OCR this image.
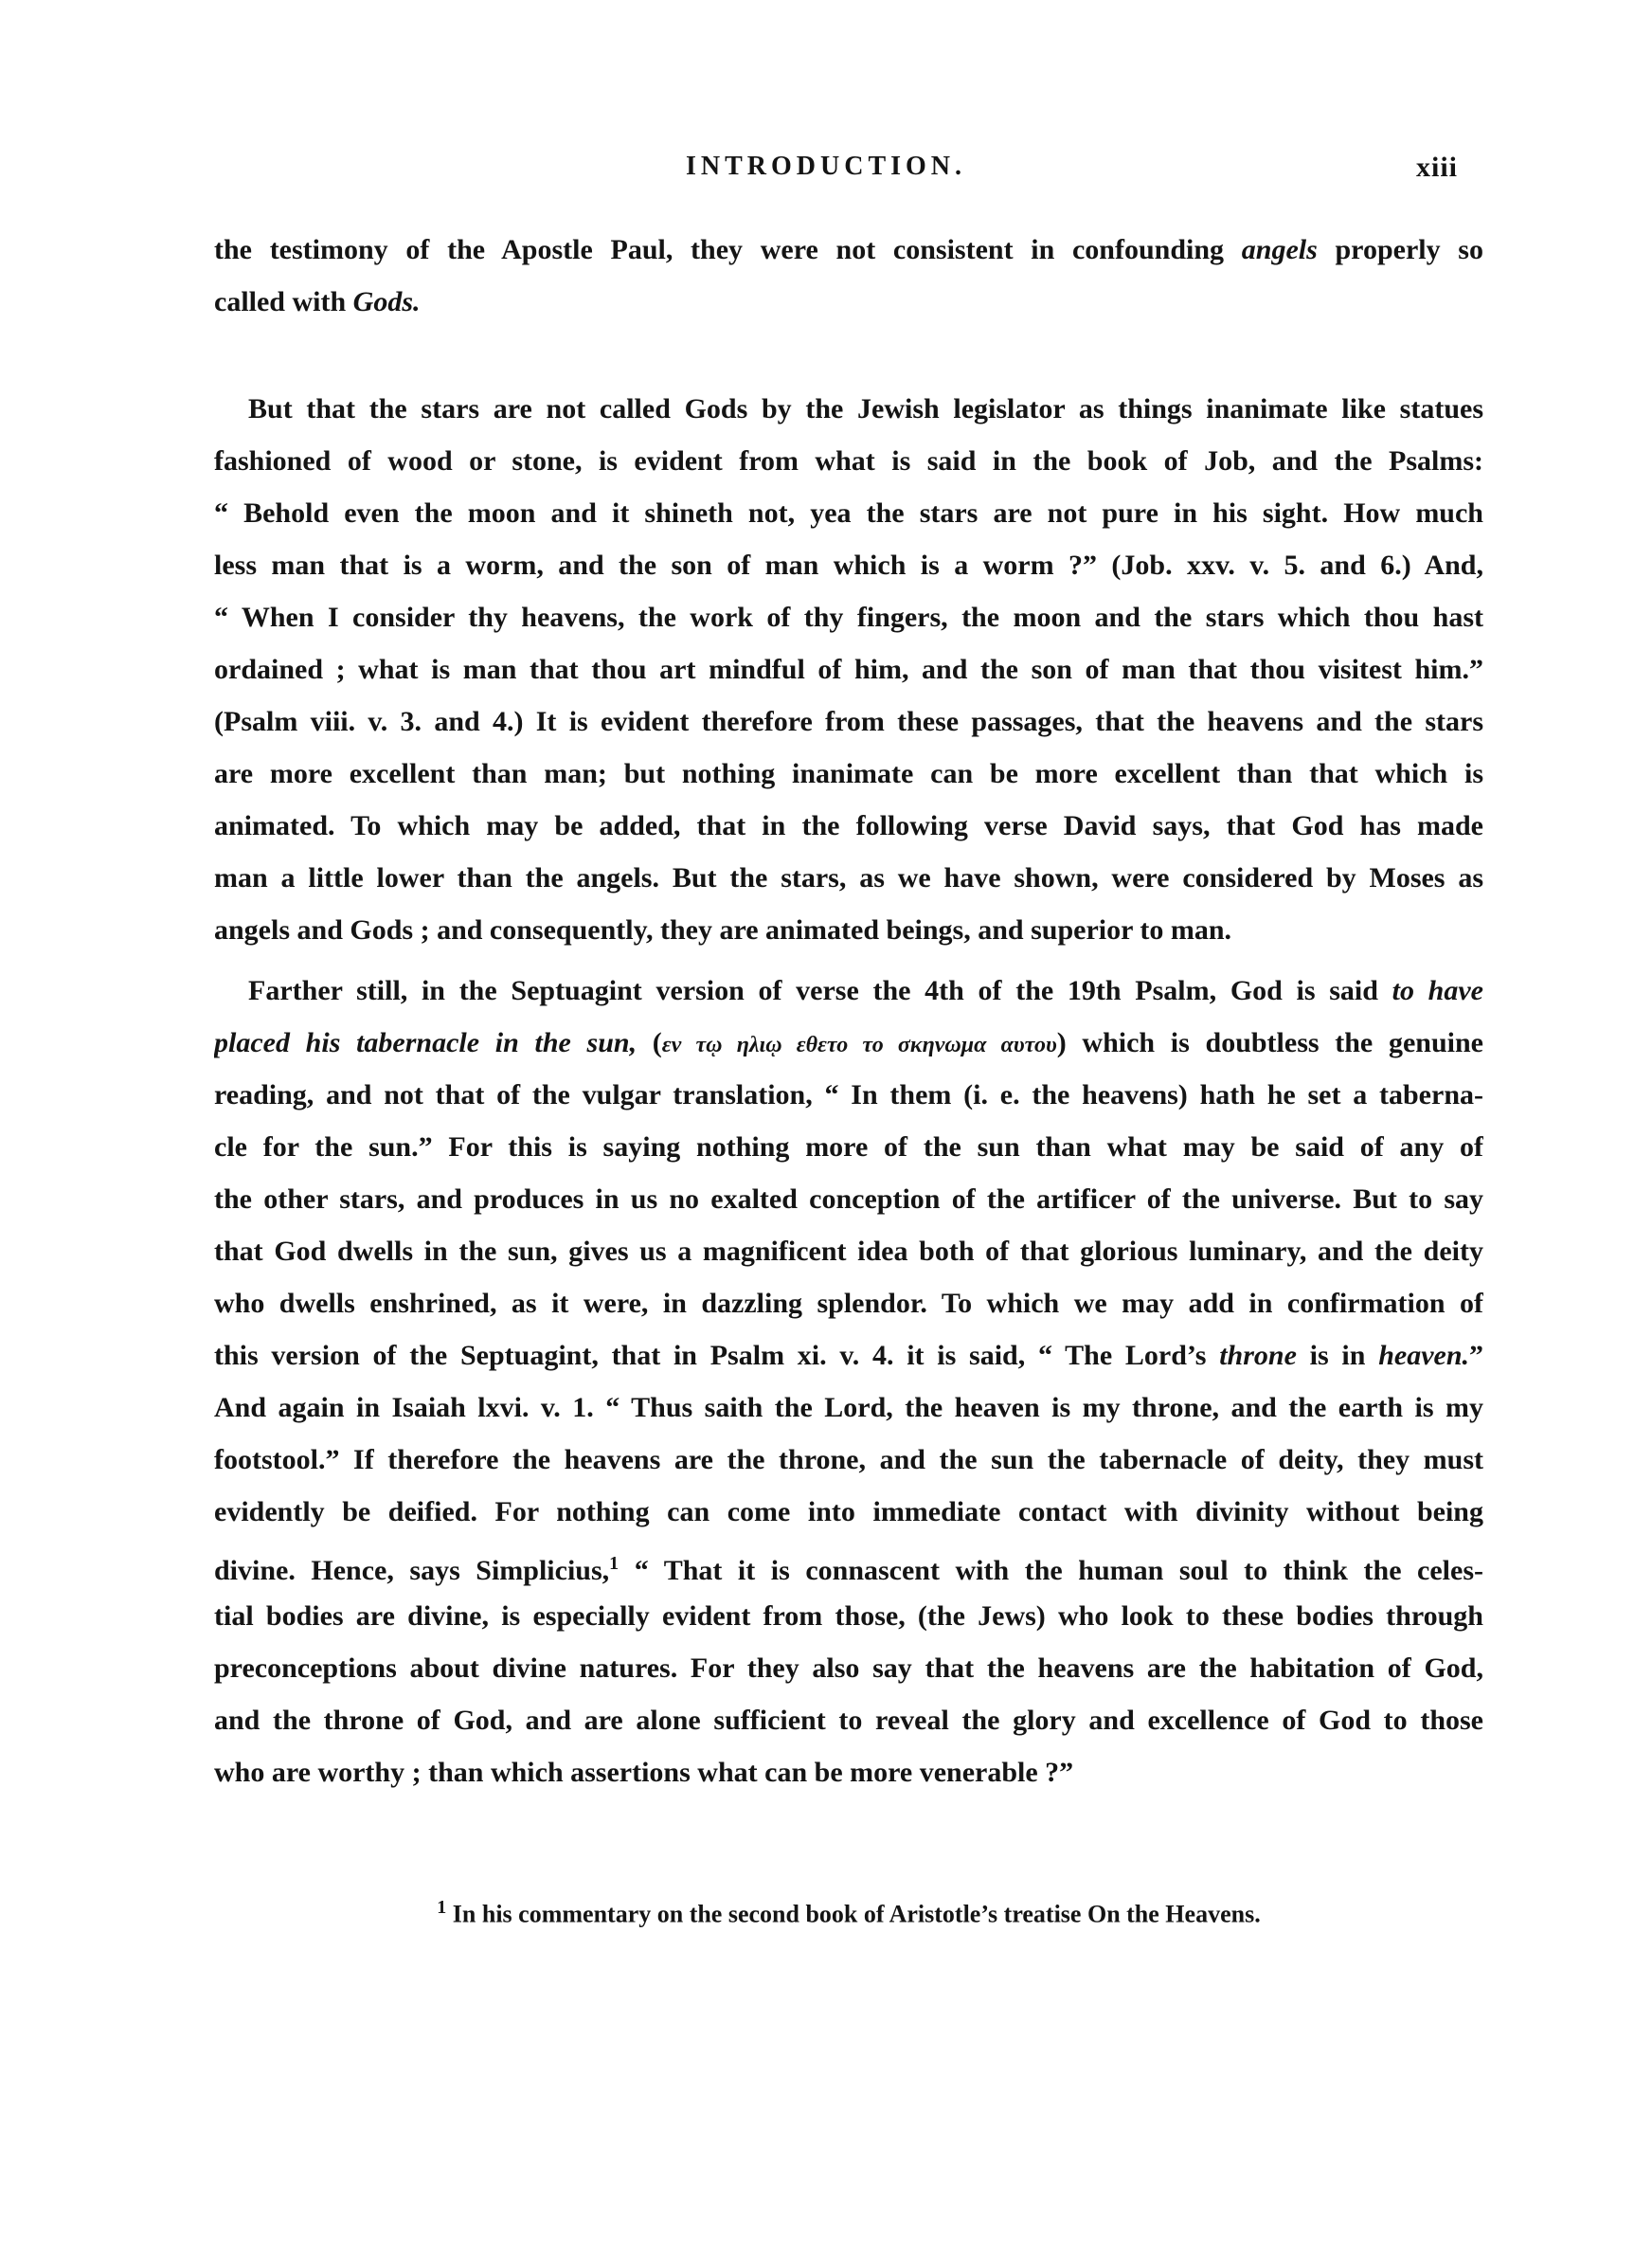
INTRODUCTION.	xiii
the testimony of the Apostle Paul, they were not consistent in confounding angels properly so
called with Gods.
But that the stars are not called Gods by the Jewish legislator as things inanimate like statues
fashioned of wood or stone, is evident from what is said in the book of Job, and the Psalms:
“ Behold even the moon and it shineth not, yea the stars are not pure in his sight. How much
less man that is a worm, and the son of man which is a worm ?” (Job. xxv. v. 5. and 6.) And,
“ When I consider thy heavens, the work of thy fingers, the moon and the stars which thou hast
ordained ; what is man that thou art mindful of him, and the son of man that thou visitest him.”
(Psalm viii. v. 3. and 4.) It is evident therefore from these passages, that the heavens and the stars
are more excellent than man; but nothing inanimate can be more excellent than that which is
animated. To which may be added, that in the following verse David says, that God has made
man a little lower than the angels. But the stars, as we have shown, were considered by Moses as
angels and Gods ; and consequently, they are animated beings, and superior to man.
Farther still, in the Septuagint version of verse the 4th of the 19th Psalm, God is said to have
placed his tabernacle in the sun, (εν τῳ ηλιῳ εθετο το σκηνωμα αυτου) which is doubtless the genuine
reading, and not that of the vulgar translation, “ In them (i. e. the heavens) hath he set a taberna-
cle for the sun.” For this is saying nothing more of the sun than what may be said of any of
the other stars, and produces in us no exalted conception of the artificer of the universe. But to say
that God dwells in the sun, gives us a magnificent idea both of that glorious luminary, and the deity
who dwells enshrined, as it were, in dazzling splendor. To which we may add in confirmation of
this version of the Septuagint, that in Psalm xi. v. 4. it is said, “ The Lord’s throne is in heaven.”
And again in Isaiah lxvi. v. 1. “ Thus saith the Lord, the heaven is my throne, and the earth is my
footstool.” If therefore the heavens are the throne, and the sun the tabernacle of deity, they must
evidently be deified. For nothing can come into immediate contact with divinity without being
divine. Hence, says Simplicius,$^1$ “ That it is connascent with the human soul to think the celes-
tial bodies are divine, is especially evident from those, (the Jews) who look to these bodies through
preconceptions about divine natures. For they also say that the heavens are the habitation of God,
and the throne of God, and are alone sufficient to reveal the glory and excellence of God to those
who are worthy ; than which assertions what can be more venerable ?”
$^1$ In his commentary on the second book of Aristotle’s treatise On the Heavens.
